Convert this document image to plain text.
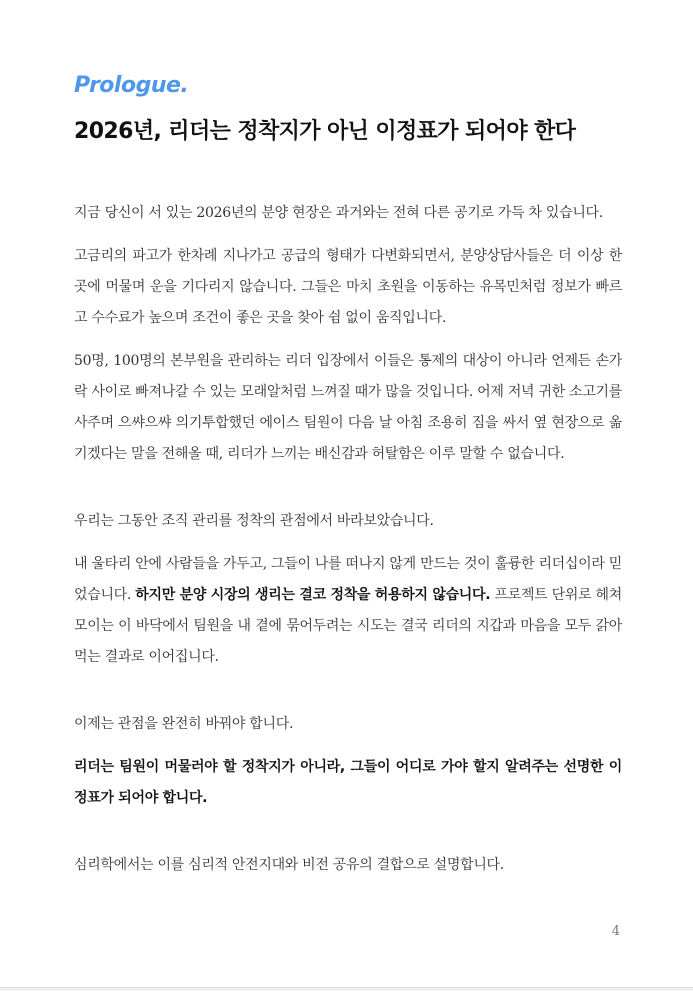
Prologue.
2026년, 리더는 정착지가 아닌 이정표가 되어야 한다

지금 당신이 서 있는 2026년의 분양 현장은 과거와는 전혀 다른 공기로 가득 차 있습니다.

고금리의 파고가 한차례 지나가고 공급의 형태가 다변화되면서, 분양상담사들은 더 이상 한곳에 머물며 운을 기다리지 않습니다. 그들은 마치 초원을 이동하는 유목민처럼 정보가 빠르고 수수료가 높으며 조건이 좋은 곳을 찾아 쉼 없이 움직입니다.

50명, 100명의 본부원을 관리하는 리더 입장에서 이들은 통제의 대상이 아니라 언제든 손가락 사이로 빠져나갈 수 있는 모래알처럼 느껴질 때가 많을 것입니다. 어제 저녁 귀한 소고기를 사주며 으쌰으쌰 의기투합했던 에이스 팀원이 다음 날 아침 조용히 짐을 싸서 옆 현장으로 옮기겠다는 말을 전해올 때, 리더가 느끼는 배신감과 허탈함은 이루 말할 수 없습니다.

우리는 그동안 조직 관리를 정착의 관점에서 바라보았습니다.

내 울타리 안에 사람들을 가두고, 그들이 나를 떠나지 않게 만드는 것이 훌륭한 리더십이라 믿었습니다. 하지만 분양 시장의 생리는 결코 정착을 허용하지 않습니다. 프로젝트 단위로 헤쳐 모이는 이 바닥에서 팀원을 내 곁에 묶어두려는 시도는 결국 리더의 지갑과 마음을 모두 갉아먹는 결과로 이어집니다.

이제는 관점을 완전히 바꿔야 합니다.

리더는 팀원이 머물러야 할 정착지가 아니라, 그들이 어디로 가야 할지 알려주는 선명한 이정표가 되어야 합니다.

심리학에서는 이를 심리적 안전지대와 비전 공유의 결합으로 설명합니다.

4
